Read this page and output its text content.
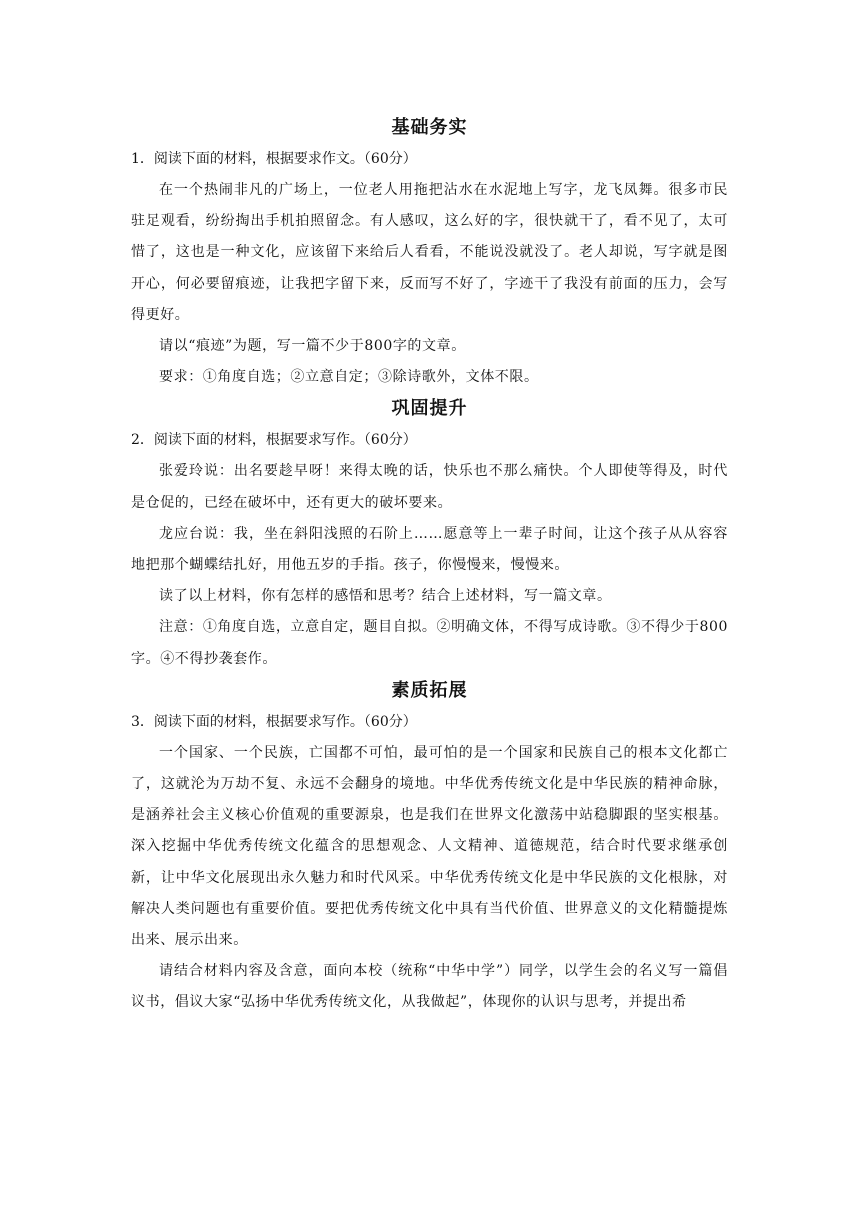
基础务实

1．阅读下面的材料，根据要求作文。（60分）

在一个热闹非凡的广场上，一位老人用拖把沾水在水泥地上写字，龙飞凤舞。很多市民驻足观看，纷纷掏出手机拍照留念。有人感叹，这么好的字，很快就干了，看不见了，太可惜了，这也是一种文化，应该留下来给后人看看，不能说没就没了。老人却说，写字就是图开心，何必要留痕迹，让我把字留下来，反而写不好了，字迹干了我没有前面的压力，会写得更好。

请以“痕迹”为题，写一篇不少于800字的文章。

要求：①角度自选；②立意自定；③除诗歌外，文体不限。

巩固提升

2．阅读下面的材料，根据要求写作。（60分）

张爱玲说：出名要趁早呀！来得太晚的话，快乐也不那么痛快。个人即使等得及，时代是仓促的，已经在破坏中，还有更大的破坏要来。

龙应台说：我，坐在斜阳浅照的石阶上……愿意等上一辈子时间，让这个孩子从从容容地把那个蝴蝶结扎好，用他五岁的手指。孩子，你慢慢来，慢慢来。

读了以上材料，你有怎样的感悟和思考？结合上述材料，写一篇文章。

注意：①角度自选，立意自定，题目自拟。②明确文体，不得写成诗歌。③不得少于800字。④不得抄袭套作。

素质拓展

3．阅读下面的材料，根据要求写作。（60分）

一个国家、一个民族，亡国都不可怕，最可怕的是一个国家和民族自己的根本文化都亡了，这就沦为万劫不复、永远不会翻身的境地。中华优秀传统文化是中华民族的精神命脉，是涵养社会主义核心价值观的重要源泉，也是我们在世界文化激荡中站稳脚跟的坚实根基。深入挖掘中华优秀传统文化蕴含的思想观念、人文精神、道德规范，结合时代要求继承创新，让中华文化展现出永久魅力和时代风采。中华优秀传统文化是中华民族的文化根脉，对解决人类问题也有重要价值。要把优秀传统文化中具有当代价值、世界意义的文化精髓提炼出来、展示出来。

请结合材料内容及含意，面向本校（统称“中华中学”）同学，以学生会的名义写一篇倡议书，倡议大家“弘扬中华优秀传统文化，从我做起”，体现你的认识与思考，并提出希
